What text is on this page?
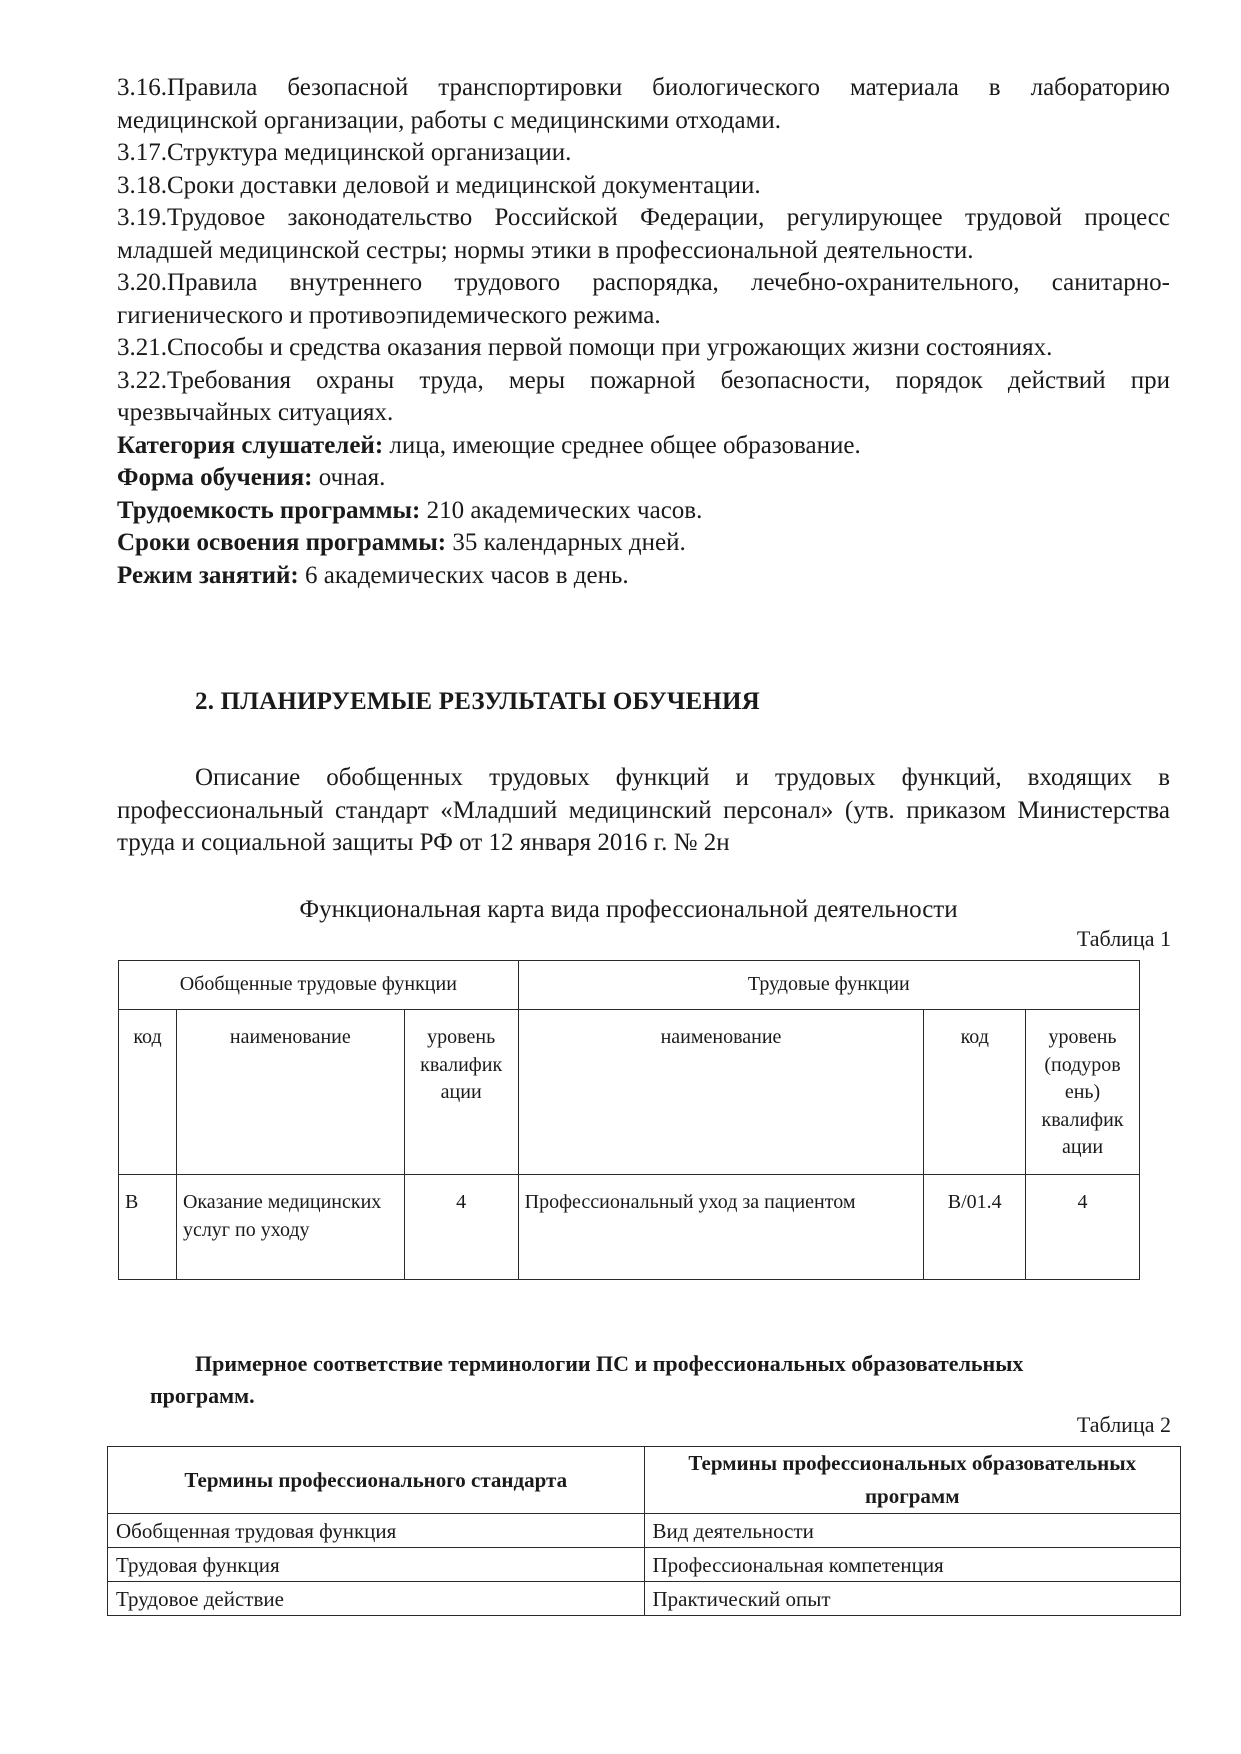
3.16.Правила безопасной транспортировки биологического материала в лабораторию медицинской организации, работы с медицинскими отходами.

3.17.Структура медицинской организации.

3.18.Сроки доставки деловой и медицинской документации.

3.19.Трудовое законодательство Российской Федерации, регулирующее трудовой процесс младшей медицинской сестры; нормы этики в профессиональной деятельности.

3.20.Правила внутреннего трудового распорядка, лечебно-охранительного, санитарно-гигиенического и противоэпидемического режима.

3.21.Способы и средства оказания первой помощи при угрожающих жизни состояниях.

3.22.Требования охраны труда, меры пожарной безопасности, порядок действий при чрезвычайных ситуациях.

Категория слушателей: лица, имеющие среднее общее образование.

Форма обучения: очная.

Трудоемкость программы: 210 академических часов.

Сроки освоения программы: 35 календарных дней.

Режим занятий: 6 академических часов в день.

2. ПЛАНИРУЕМЫЕ РЕЗУЛЬТАТЫ ОБУЧЕНИЯ

Описание обобщенных трудовых функций и трудовых функций, входящих в профессиональный стандарт «Младший медицинский персонал» (утв. приказом Министерства труда и социальной защиты РФ от 12 января 2016 г. № 2н

Функциональная карта вида профессиональной деятельности

Таблица 1

Обобщенные трудовые функции			Трудовые функции		
код	наименование	уровень квалифик ации	наименование	код	уровень (подуров ень) квалифик ации
В	Оказание медицинских услуг по уходу	4	Профессиональный уход за пациентом	B/01.4	4

Примерное соответствие терминологии ПС и профессиональных образовательных

программ.

Таблица 2

Термины профессионального стандарта	Термины профессиональных образовательных программ
Обобщенная трудовая функция	Вид деятельности
Трудовая функция	Профессиональная компетенция
Трудовое действие	Практический опыт
